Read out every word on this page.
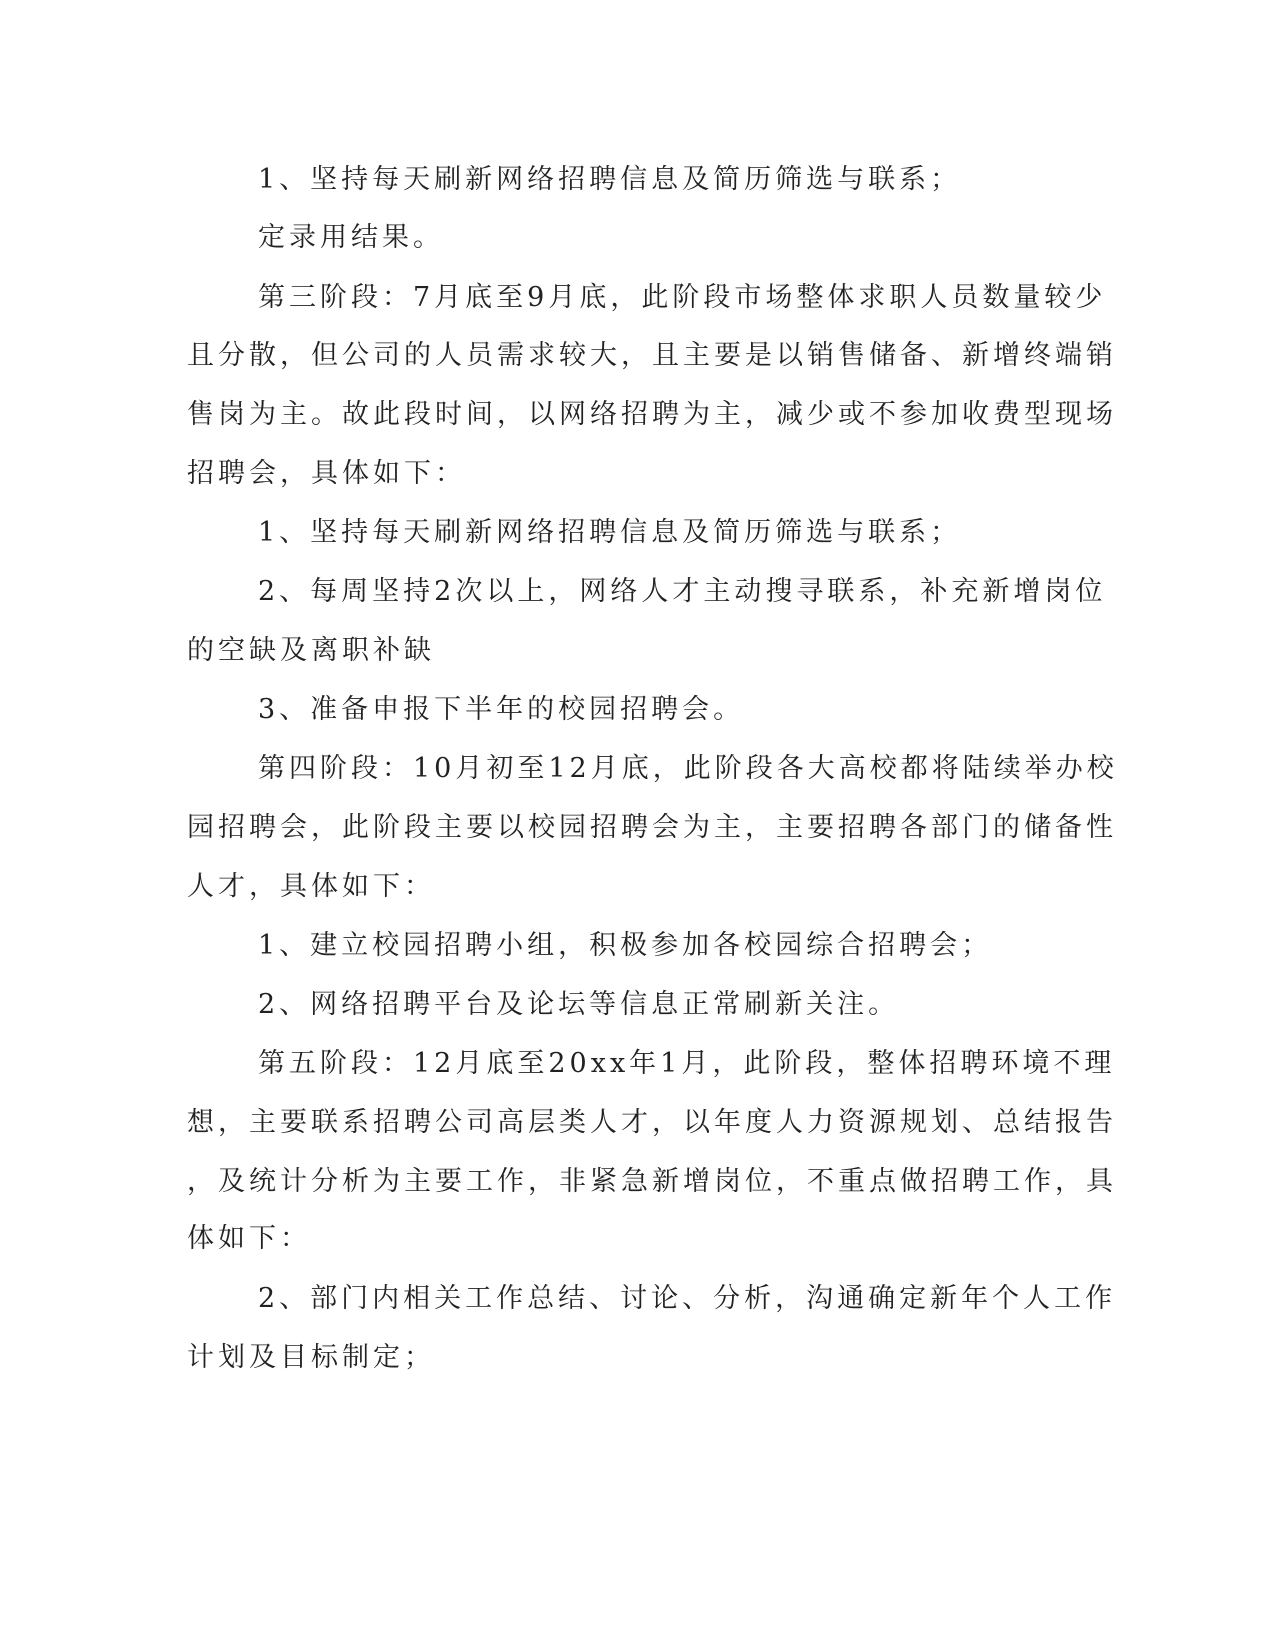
1、坚持每天刷新网络招聘信息及简历筛选与联系；
定录用结果。
第三阶段：7月底至9月底，此阶段市场整体求职人员数量较少
且分散，但公司的人员需求较大，且主要是以销售储备、新增终端销
售岗为主。故此段时间，以网络招聘为主，减少或不参加收费型现场
招聘会，具体如下：
1、坚持每天刷新网络招聘信息及简历筛选与联系；
2、每周坚持2次以上，网络人才主动搜寻联系，补充新增岗位
的空缺及离职补缺
3、准备申报下半年的校园招聘会。
第四阶段：10月初至12月底，此阶段各大高校都将陆续举办校
园招聘会，此阶段主要以校园招聘会为主，主要招聘各部门的储备性
人才，具体如下：
1、建立校园招聘小组，积极参加各校园综合招聘会；
2、网络招聘平台及论坛等信息正常刷新关注。
第五阶段：12月底至20xx年1月，此阶段，整体招聘环境不理
想，主要联系招聘公司高层类人才，以年度人力资源规划、总结报告
，及统计分析为主要工作，非紧急新增岗位，不重点做招聘工作，具
体如下：
2、部门内相关工作总结、讨论、分析，沟通确定新年个人工作
计划及目标制定；
